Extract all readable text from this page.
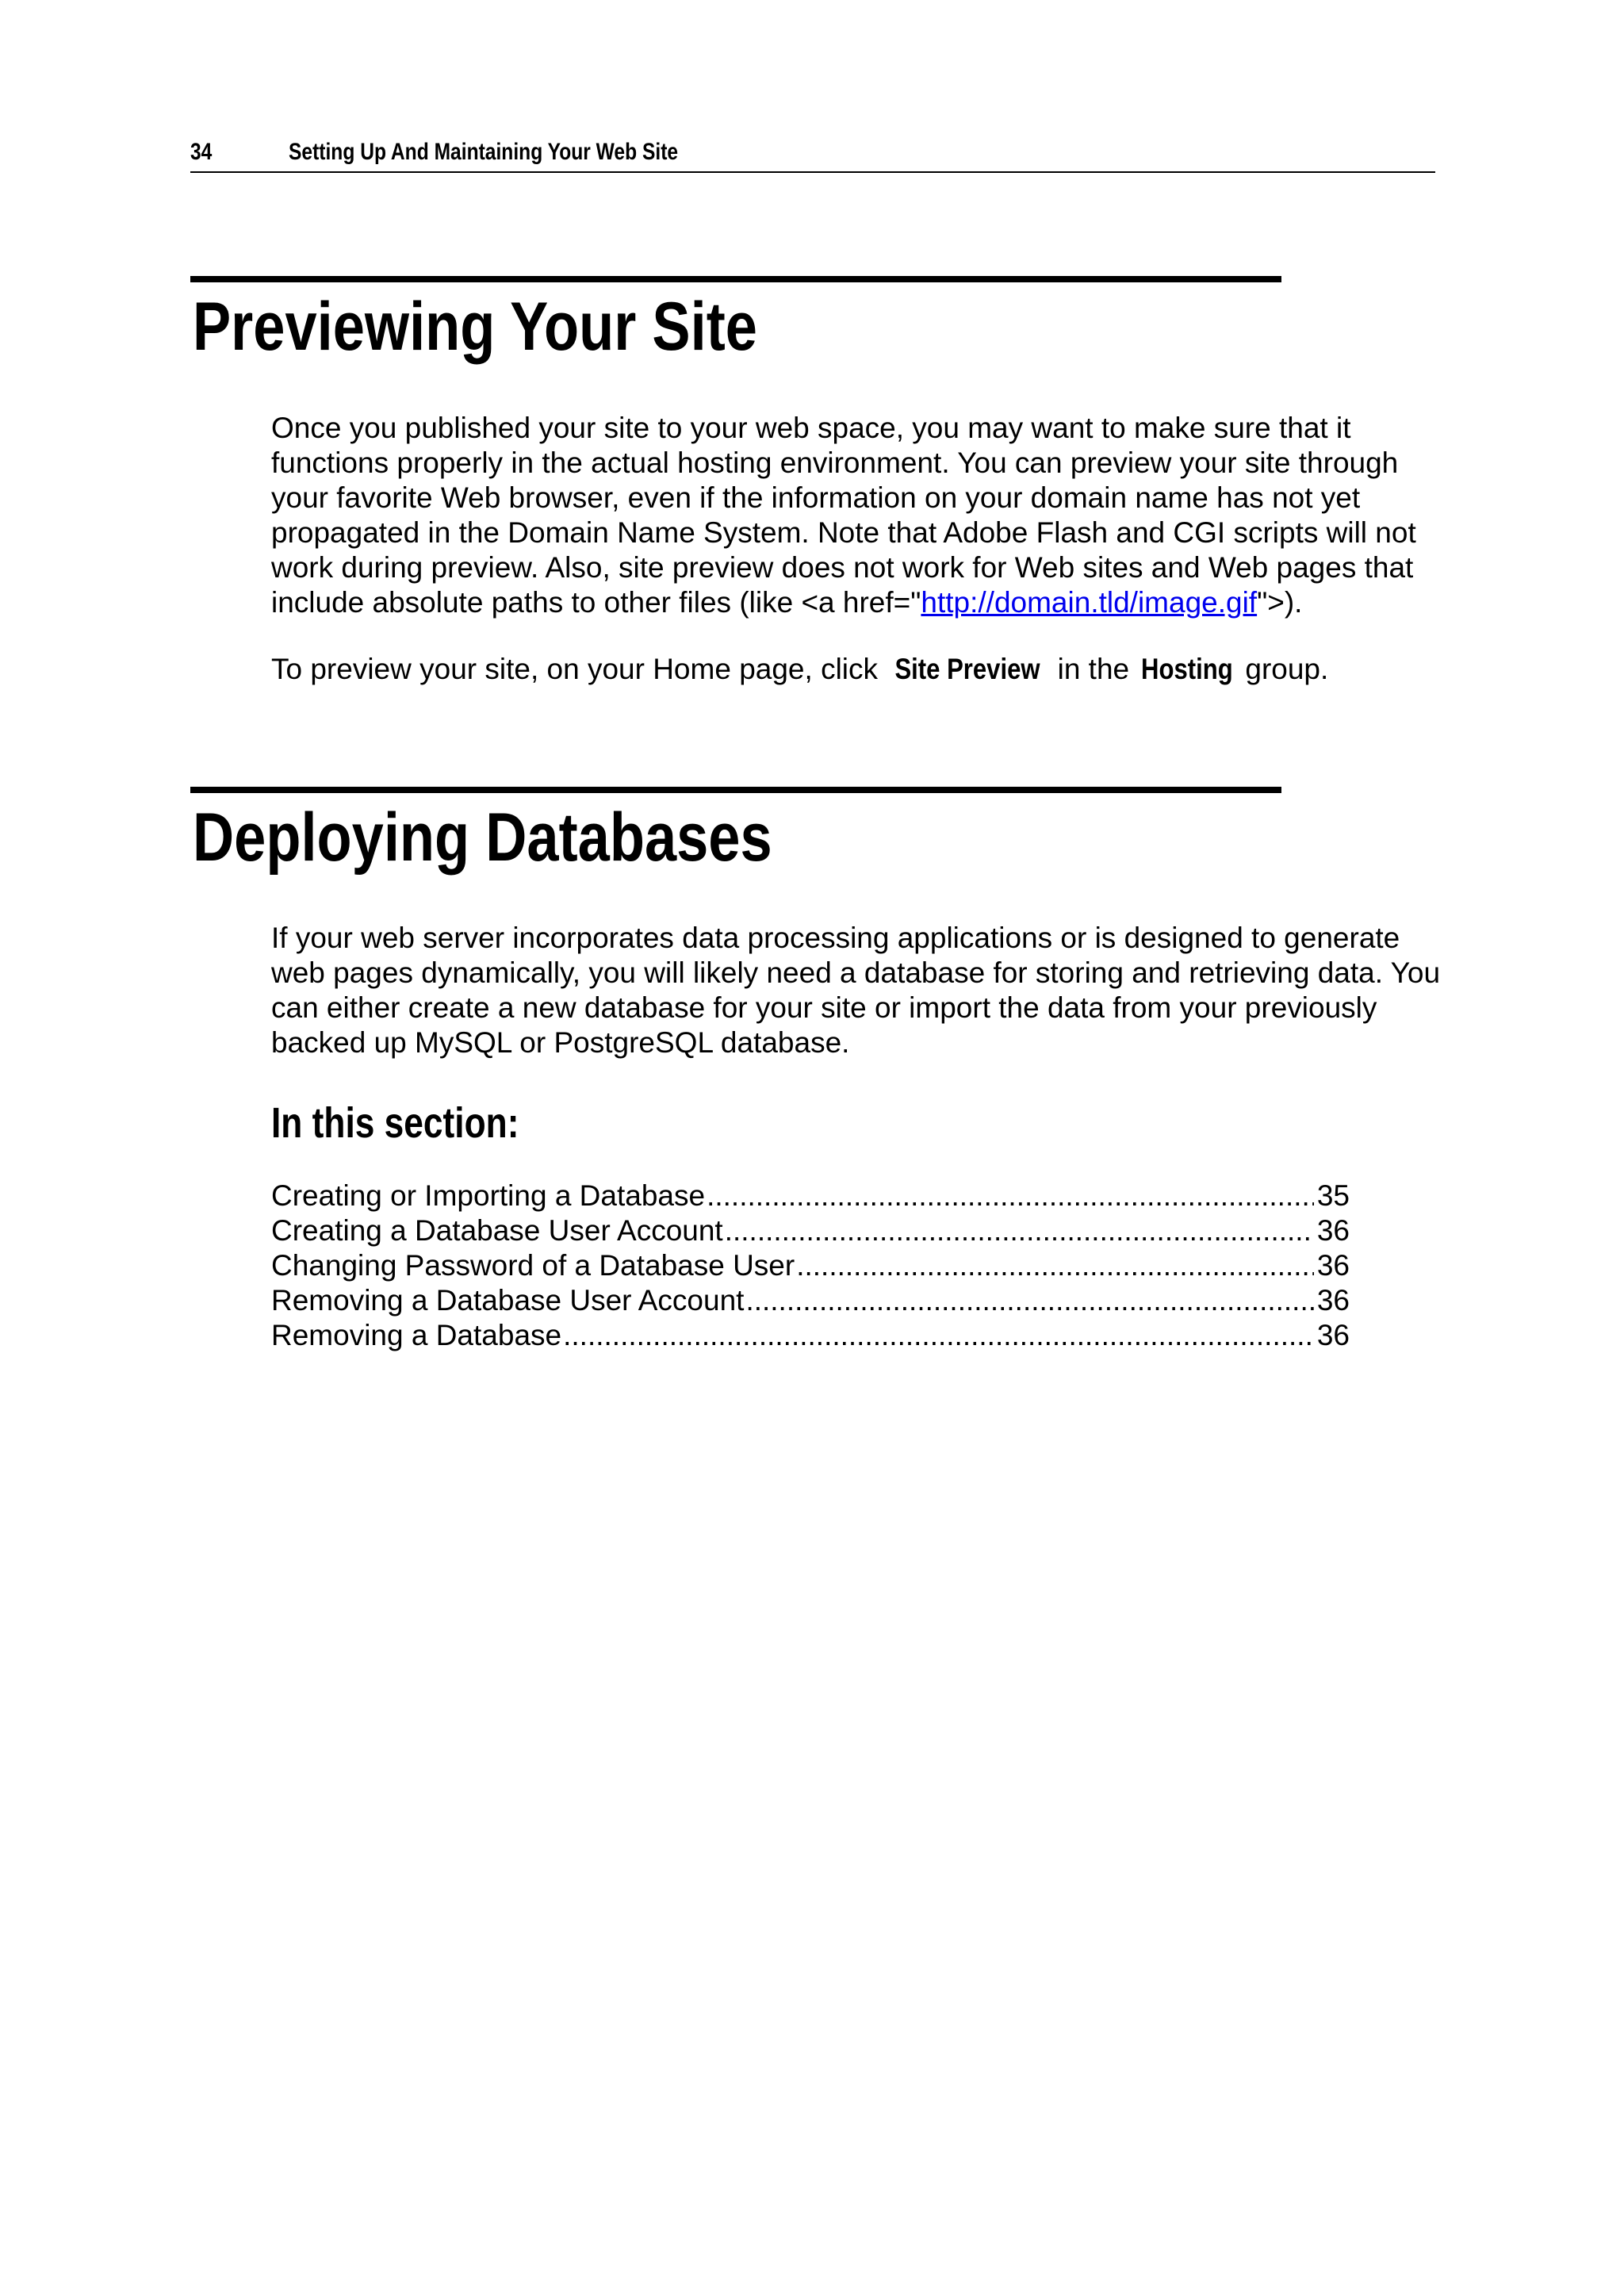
34	Setting Up And Maintaining Your Web Site
Previewing Your Site

Once you published your site to your web space, you may want to make sure that it functions properly in the actual hosting environment. You can preview your site through your favorite Web browser, even if the information on your domain name has not yet propagated in the Domain Name System. Note that Adobe Flash and CGI scripts will not work during preview. Also, site preview does not work for Web sites and Web pages that include absolute paths to other files (like <a href="http://domain.tld/image.gif">).

To preview your site, on your Home page, click Site Preview in the Hosting group.

Deploying Databases

If your web server incorporates data processing applications or is designed to generate web pages dynamically, you will likely need a database for storing and retrieving data. You can either create a new database for your site or import the data from your previously backed up MySQL or PostgreSQL database.

In this section:
Creating or Importing a Database .....	35
Creating a Database User Account .....	36
Changing Password of a Database User .....	36
Removing a Database User Account .....	36
Removing a Database .....	36
